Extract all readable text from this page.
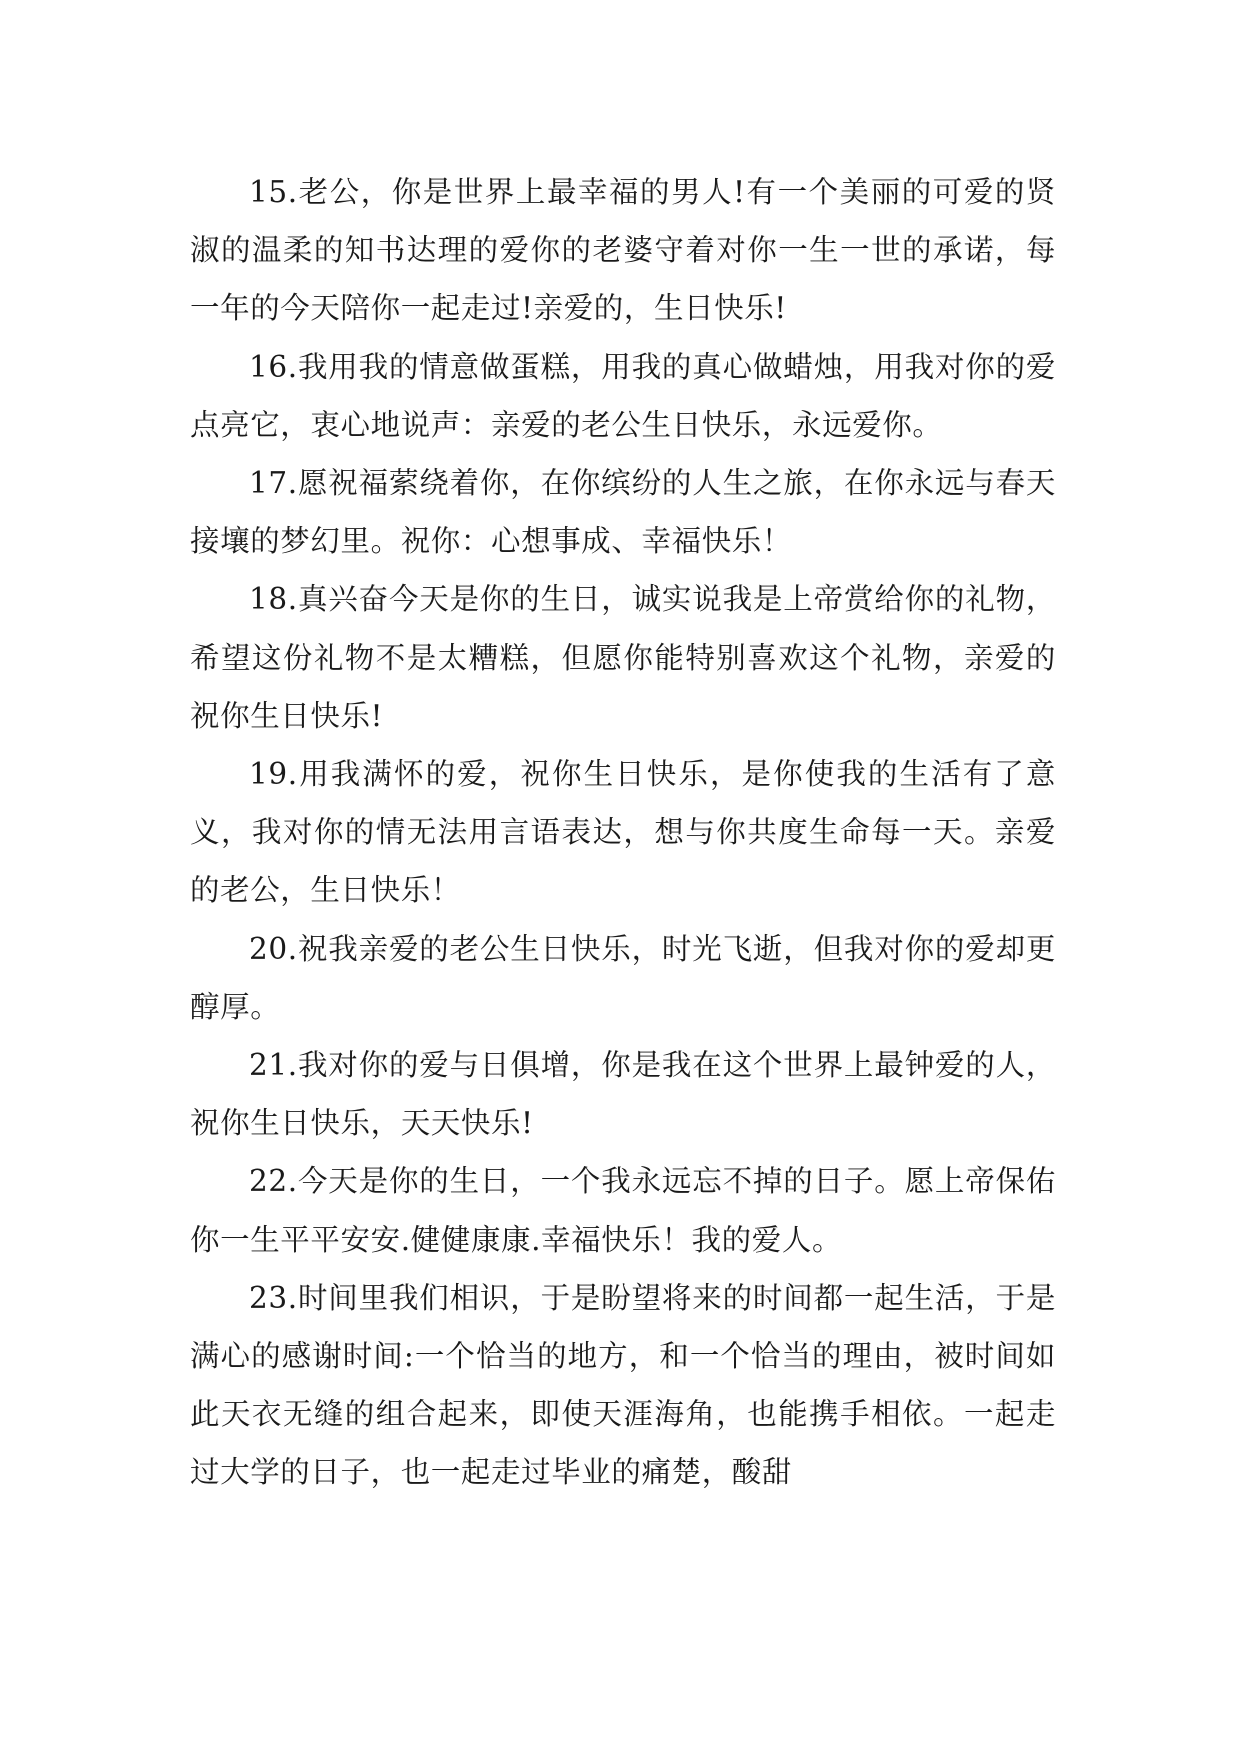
15.老公，你是世界上最幸福的男人!有一个美丽的可爱的贤淑的温柔的知书达理的爱你的老婆守着对你一生一世的承诺，每一年的今天陪你一起走过!亲爱的，生日快乐!

16.我用我的情意做蛋糕，用我的真心做蜡烛，用我对你的爱点亮它，衷心地说声：亲爱的老公生日快乐，永远爱你。

17.愿祝福萦绕着你，在你缤纷的人生之旅，在你永远与春天接壤的梦幻里。祝你：心想事成、幸福快乐！

18.真兴奋今天是你的生日，诚实说我是上帝赏给你的礼物，希望这份礼物不是太糟糕，但愿你能特别喜欢这个礼物，亲爱的祝你生日快乐!

19.用我满怀的爱，祝你生日快乐，是你使我的生活有了意义，我对你的情无法用言语表达，想与你共度生命每一天。亲爱的老公，生日快乐！

20.祝我亲爱的老公生日快乐，时光飞逝，但我对你的爱却更醇厚。

21.我对你的爱与日俱增，你是我在这个世界上最钟爱的人，祝你生日快乐，天天快乐!

22.今天是你的生日，一个我永远忘不掉的日子。愿上帝保佑你一生平平安安.健健康康.幸福快乐！我的爱人。

23.时间里我们相识，于是盼望将来的时间都一起生活，于是满心的感谢时间:一个恰当的地方，和一个恰当的理由，被时间如此天衣无缝的组合起来，即使天涯海角，也能携手相依。一起走过大学的日子，也一起走过毕业的痛楚，酸甜
